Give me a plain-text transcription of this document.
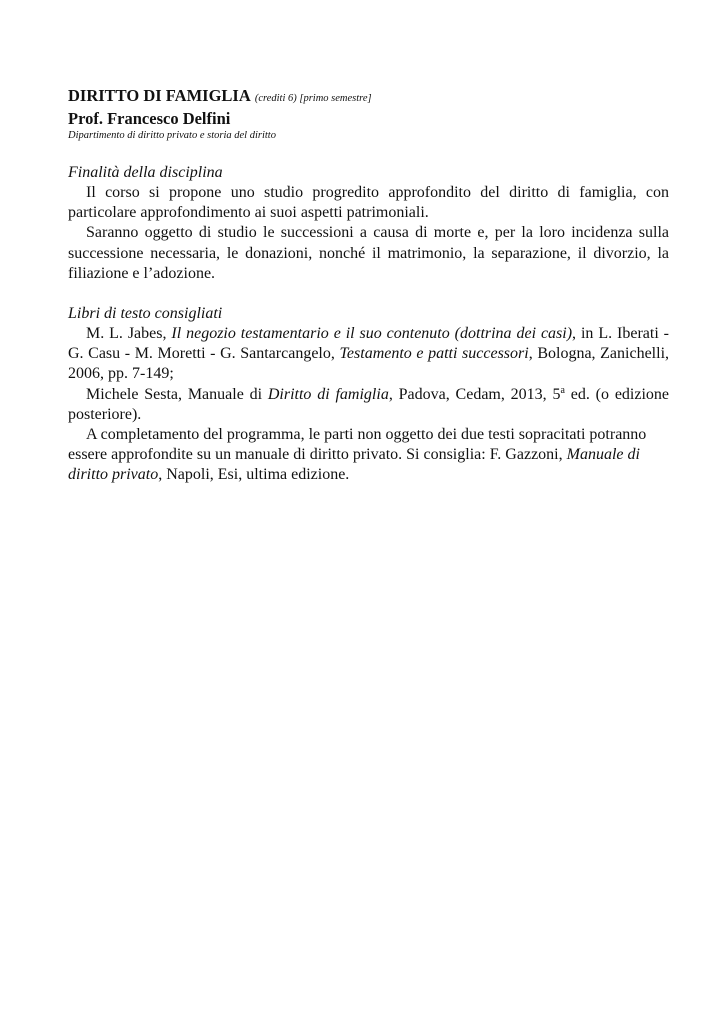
DIRITTO DI FAMIGLIA (crediti 6) [primo semestre]

Prof. Francesco Delfini

Dipartimento di diritto privato e storia del diritto

Finalità della disciplina

Il corso si propone uno studio progredito approfondito del diritto di famiglia, con particolare approfondimento ai suoi aspetti patrimoniali.

Saranno oggetto di studio le successioni a causa di morte e, per la loro incidenza sulla successione necessaria, le donazioni, nonché il matrimonio, la separazione, il divorzio, la filiazione e l’adozione.

Libri di testo consigliati

M. L. Jabes, Il negozio testamentario e il suo contenuto (dottrina dei casi), in L. Iberati - G. Casu - M. Moretti - G. Santarcangelo, Testamento e patti successori, Bologna, Zanichelli, 2006, pp. 7-149;

Michele Sesta, Manuale di Diritto di famiglia, Padova, Cedam, 2013, 5$^a$ ed. (o edizione posteriore).

A completamento del programma, le parti non oggetto dei due testi sopracitati potranno essere approfondite su un manuale di diritto privato. Si consiglia: F. Gazzoni, Manuale di diritto privato, Napoli, Esi, ultima edizione.
